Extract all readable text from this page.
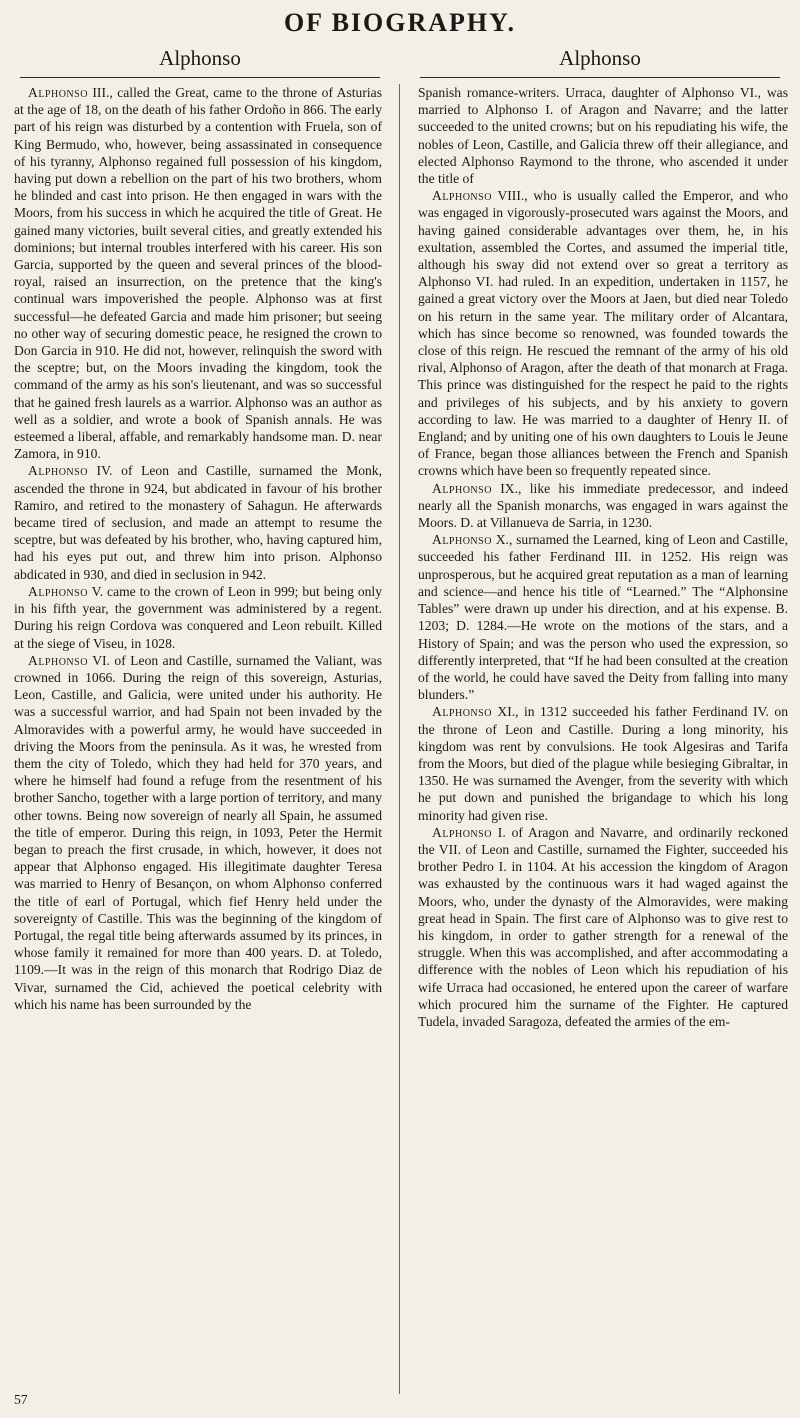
OF BIOGRAPHY.
Alphonso	Alphonso

Alphonso III., called the Great, came to the throne of Asturias at the age of 18, on the death of his father Ordoño in 866. The early part of his reign was disturbed by a contention with Fruela, son of King Bermudo, who, however, being assassinated in consequence of his tyranny, Alphonso regained full possession of his kingdom, having put down a rebellion on the part of his two brothers, whom he blinded and cast into prison. He then engaged in wars with the Moors, from his success in which he acquired the title of Great. He gained many victories, built several cities, and greatly extended his dominions; but internal troubles interfered with his career. His son Garcia, supported by the queen and several princes of the blood-royal, raised an insurrection, on the pretence that the king's continual wars impoverished the people. Alphonso was at first successful—he defeated Garcia and made him prisoner; but seeing no other way of securing domestic peace, he resigned the crown to Don Garcia in 910. He did not, however, relinquish the sword with the sceptre; but, on the Moors invading the kingdom, took the command of the army as his son's lieutenant, and was so successful that he gained fresh laurels as a warrior. Alphonso was an author as well as a soldier, and wrote a book of Spanish annals. He was esteemed a liberal, affable, and remarkably handsome man. D. near Zamora, in 910.

Alphonso IV. of Leon and Castille, surnamed the Monk, ascended the throne in 924, but abdicated in favour of his brother Ramiro, and retired to the monastery of Sahagun. He afterwards became tired of seclusion, and made an attempt to resume the sceptre, but was defeated by his brother, who, having captured him, had his eyes put out, and threw him into prison. Alphonso abdicated in 930, and died in seclusion in 942.

Alphonso V. came to the crown of Leon in 999; but being only in his fifth year, the government was administered by a regent. During his reign Cordova was conquered and Leon rebuilt. Killed at the siege of Viseu, in 1028.

Alphonso VI. of Leon and Castille, surnamed the Valiant, was crowned in 1066. During the reign of this sovereign, Asturias, Leon, Castille, and Galicia, were united under his authority. He was a successful warrior, and had Spain not been invaded by the Almoravides with a powerful army, he would have succeeded in driving the Moors from the peninsula. As it was, he wrested from them the city of Toledo, which they had held for 370 years, and where he himself had found a refuge from the resentment of his brother Sancho, together with a large portion of territory, and many other towns. Being now sovereign of nearly all Spain, he assumed the title of emperor. During this reign, in 1093, Peter the Hermit began to preach the first crusade, in which, however, it does not appear that Alphonso engaged. His illegitimate daughter Teresa was married to Henry of Besançon, on whom Alphonso conferred the title of earl of Portugal, which fief Henry held under the sovereignty of Castille. This was the beginning of the kingdom of Portugal, the regal title being afterwards assumed by its princes, in whose family it remained for more than 400 years. D. at Toledo, 1109.—It was in the reign of this monarch that Rodrigo Diaz de Vivar, surnamed the Cid, achieved the poetical celebrity with which his name has been surrounded by the

Spanish romance-writers. Urraca, daughter of Alphonso VI., was married to Alphonso I. of Aragon and Navarre; and the latter succeeded to the united crowns; but on his repudiating his wife, the nobles of Leon, Castille, and Galicia threw off their allegiance, and elected Alphonso Raymond to the throne, who ascended it under the title of

Alphonso VIII., who is usually called the Emperor, and who was engaged in vigorously-prosecuted wars against the Moors, and having gained considerable advantages over them, he, in his exultation, assembled the Cortes, and assumed the imperial title, although his sway did not extend over so great a territory as Alphonso VI. had ruled. In an expedition, undertaken in 1157, he gained a great victory over the Moors at Jaen, but died near Toledo on his return in the same year. The military order of Alcantara, which has since become so renowned, was founded towards the close of this reign. He rescued the remnant of the army of his old rival, Alphonso of Aragon, after the death of that monarch at Fraga. This prince was distinguished for the respect he paid to the rights and privileges of his subjects, and by his anxiety to govern according to law. He was married to a daughter of Henry II. of England; and by uniting one of his own daughters to Louis le Jeune of France, began those alliances between the French and Spanish crowns which have been so frequently repeated since.

Alphonso IX., like his immediate predecessor, and indeed nearly all the Spanish monarchs, was engaged in wars against the Moors. D. at Villanueva de Sarria, in 1230.

Alphonso X., surnamed the Learned, king of Leon and Castille, succeeded his father Ferdinand III. in 1252. His reign was unprosperous, but he acquired great reputation as a man of learning and science—and hence his title of “Learned.” The “Alphonsine Tables” were drawn up under his direction, and at his expense. B. 1203; D. 1284.—He wrote on the motions of the stars, and a History of Spain; and was the person who used the expression, so differently interpreted, that “If he had been consulted at the creation of the world, he could have saved the Deity from falling into many blunders.”

Alphonso XI., in 1312 succeeded his father Ferdinand IV. on the throne of Leon and Castille. During a long minority, his kingdom was rent by convulsions. He took Algesiras and Tarifa from the Moors, but died of the plague while besieging Gibraltar, in 1350. He was surnamed the Avenger, from the severity with which he put down and punished the brigandage to which his long minority had given rise.

Alphonso I. of Aragon and Navarre, and ordinarily reckoned the VII. of Leon and Castille, surnamed the Fighter, succeeded his brother Pedro I. in 1104. At his accession the kingdom of Aragon was exhausted by the continuous wars it had waged against the Moors, who, under the dynasty of the Almoravides, were making great head in Spain. The first care of Alphonso was to give rest to his kingdom, in order to gather strength for a renewal of the struggle. When this was accomplished, and after accommodating a difference with the nobles of Leon which his repudiation of his wife Urraca had occasioned, he entered upon the career of warfare which procured him the surname of the Fighter. He captured Tudela, invaded Saragoza, defeated the armies of the em-

57
